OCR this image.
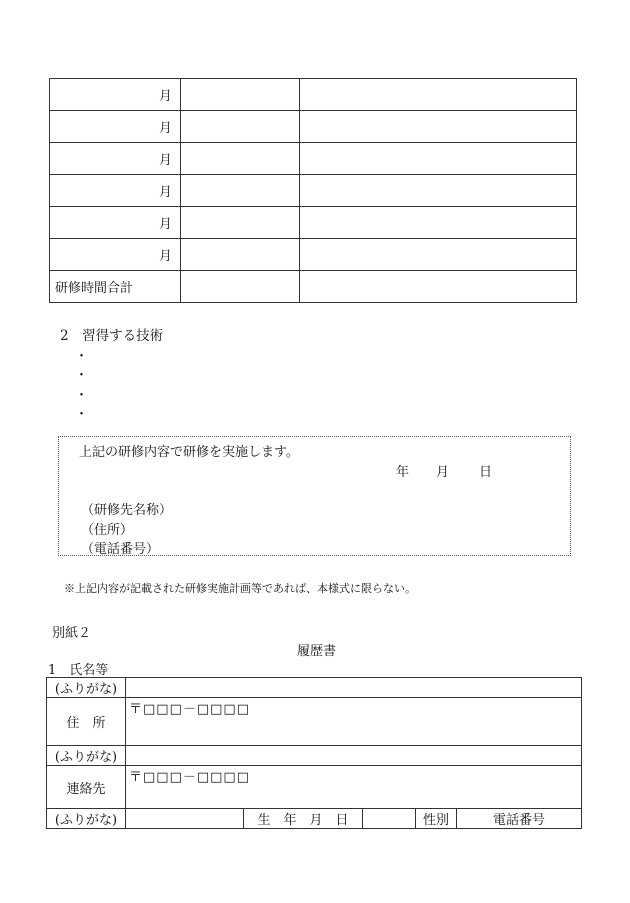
月		
月		
月		
月		
月		
月		
研修時間合計		
2　習得する技術
・
・
・
・
上記の研修内容で研修を実施します。
年 月 日
（研修先名称）
（住所）
（電話番号）
※上記内容が記載された研修実施計画等であれば、本様式に限らない。
別紙２
履歴書
1　氏名等
(ふりがな)					
住　所	〒□□□－□□□□				
(ふりがな)					
連絡先	〒□□□－□□□□				
(ふりがな)		生　年　月　日		性別	電話番号
